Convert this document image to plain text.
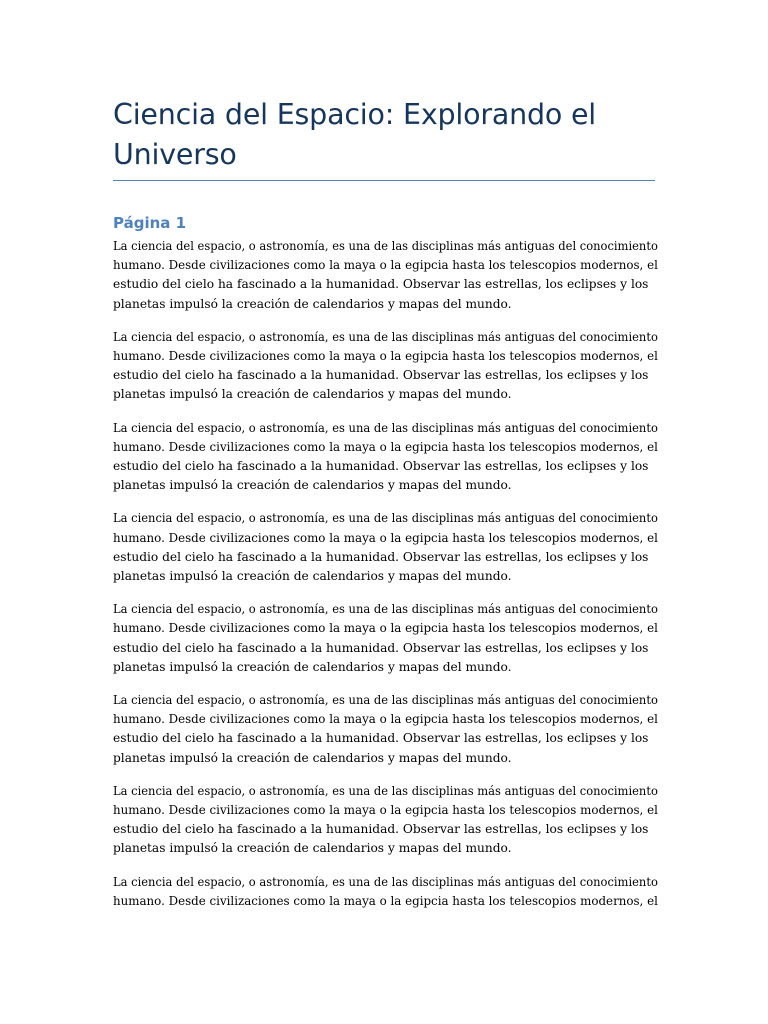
Ciencia del Espacio: Explorando el
Universo
Página 1

La ciencia del espacio, o astronomía, es una de las disciplinas más antiguas del conocimiento
humano. Desde civilizaciones como la maya o la egipcia hasta los telescopios modernos, el
estudio del cielo ha fascinado a la humanidad. Observar las estrellas, los eclipses y los
planetas impulsó la creación de calendarios y mapas del mundo.

La ciencia del espacio, o astronomía, es una de las disciplinas más antiguas del conocimiento
humano. Desde civilizaciones como la maya o la egipcia hasta los telescopios modernos, el
estudio del cielo ha fascinado a la humanidad. Observar las estrellas, los eclipses y los
planetas impulsó la creación de calendarios y mapas del mundo.

La ciencia del espacio, o astronomía, es una de las disciplinas más antiguas del conocimiento
humano. Desde civilizaciones como la maya o la egipcia hasta los telescopios modernos, el
estudio del cielo ha fascinado a la humanidad. Observar las estrellas, los eclipses y los
planetas impulsó la creación de calendarios y mapas del mundo.

La ciencia del espacio, o astronomía, es una de las disciplinas más antiguas del conocimiento
humano. Desde civilizaciones como la maya o la egipcia hasta los telescopios modernos, el
estudio del cielo ha fascinado a la humanidad. Observar las estrellas, los eclipses y los
planetas impulsó la creación de calendarios y mapas del mundo.

La ciencia del espacio, o astronomía, es una de las disciplinas más antiguas del conocimiento
humano. Desde civilizaciones como la maya o la egipcia hasta los telescopios modernos, el
estudio del cielo ha fascinado a la humanidad. Observar las estrellas, los eclipses y los
planetas impulsó la creación de calendarios y mapas del mundo.

La ciencia del espacio, o astronomía, es una de las disciplinas más antiguas del conocimiento
humano. Desde civilizaciones como la maya o la egipcia hasta los telescopios modernos, el
estudio del cielo ha fascinado a la humanidad. Observar las estrellas, los eclipses y los
planetas impulsó la creación de calendarios y mapas del mundo.

La ciencia del espacio, o astronomía, es una de las disciplinas más antiguas del conocimiento
humano. Desde civilizaciones como la maya o la egipcia hasta los telescopios modernos, el
estudio del cielo ha fascinado a la humanidad. Observar las estrellas, los eclipses y los
planetas impulsó la creación de calendarios y mapas del mundo.

La ciencia del espacio, o astronomía, es una de las disciplinas más antiguas del conocimiento
humano. Desde civilizaciones como la maya o la egipcia hasta los telescopios modernos, el
